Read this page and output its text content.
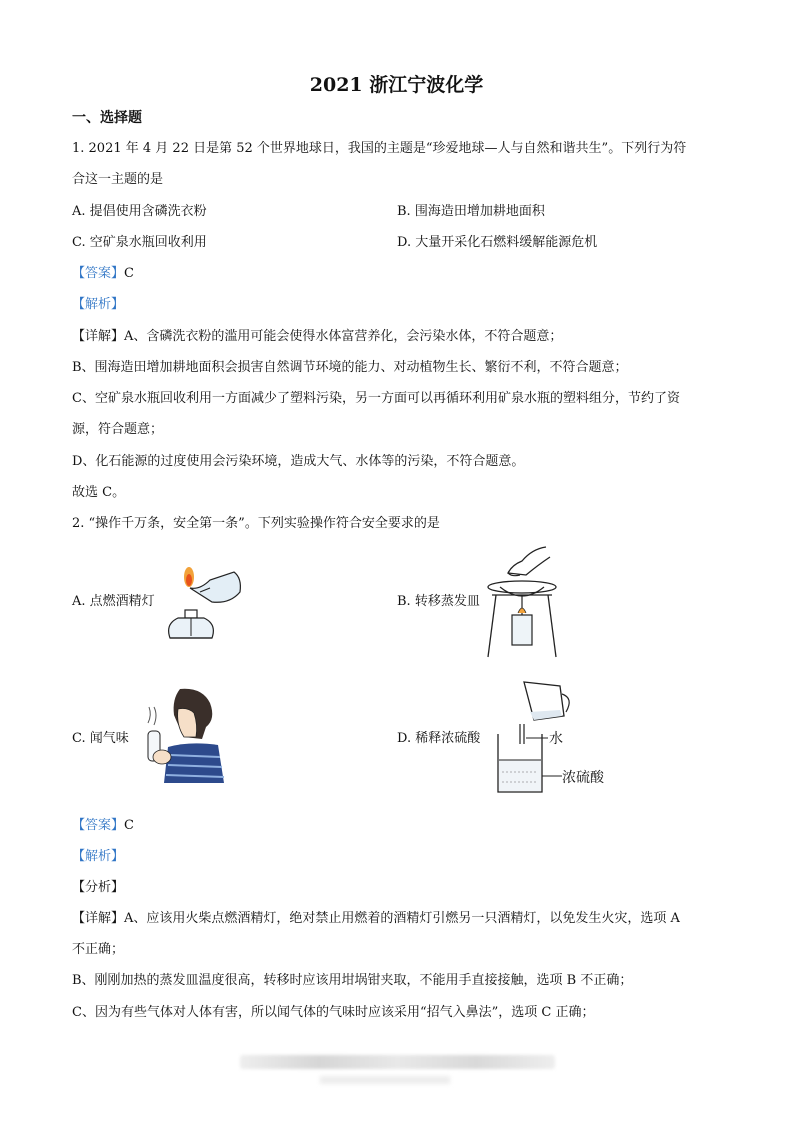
2021 浙江宁波化学
一、选择题
1. 2021 年 4 月 22 日是第 52 个世界地球日，我国的主题是“珍爱地球—人与自然和谐共生”。下列行为符
合这一主题的是
A. 提倡使用含磷洗衣粉	B. 围海造田增加耕地面积
C. 空矿泉水瓶回收利用	D. 大量开采化石燃料缓解能源危机
【答案】C
【解析】
【详解】A、含磷洗衣粉的滥用可能会使得水体富营养化，会污染水体，不符合题意；
B、围海造田增加耕地面积会损害自然调节环境的能力、对动植物生长、繁衍不利，不符合题意；
C、空矿泉水瓶回收利用一方面减少了塑料污染，另一方面可以再循环利用矿泉水瓶的塑料组分，节约了资
源，符合题意；
D、化石能源的过度使用会污染环境，造成大气、水体等的污染，不符合题意。
故选 C。
2. “操作千万条，安全第一条”。下列实验操作符合安全要求的是
A. 点燃酒精灯	B. 转移蒸发皿
C. 闻气味	D. 稀释浓硫酸	水
浓硫酸
【答案】C
【解析】
【分析】
【详解】A、应该用火柴点燃酒精灯，绝对禁止用燃着的酒精灯引燃另一只酒精灯，以免发生火灾，选项 A
不正确；
B、刚刚加热的蒸发皿温度很高，转移时应该用坩埚钳夹取，不能用手直接接触，选项 B 不正确；
C、因为有些气体对人体有害，所以闻气体的气味时应该采用“招气入鼻法”，选项 C 正确；
